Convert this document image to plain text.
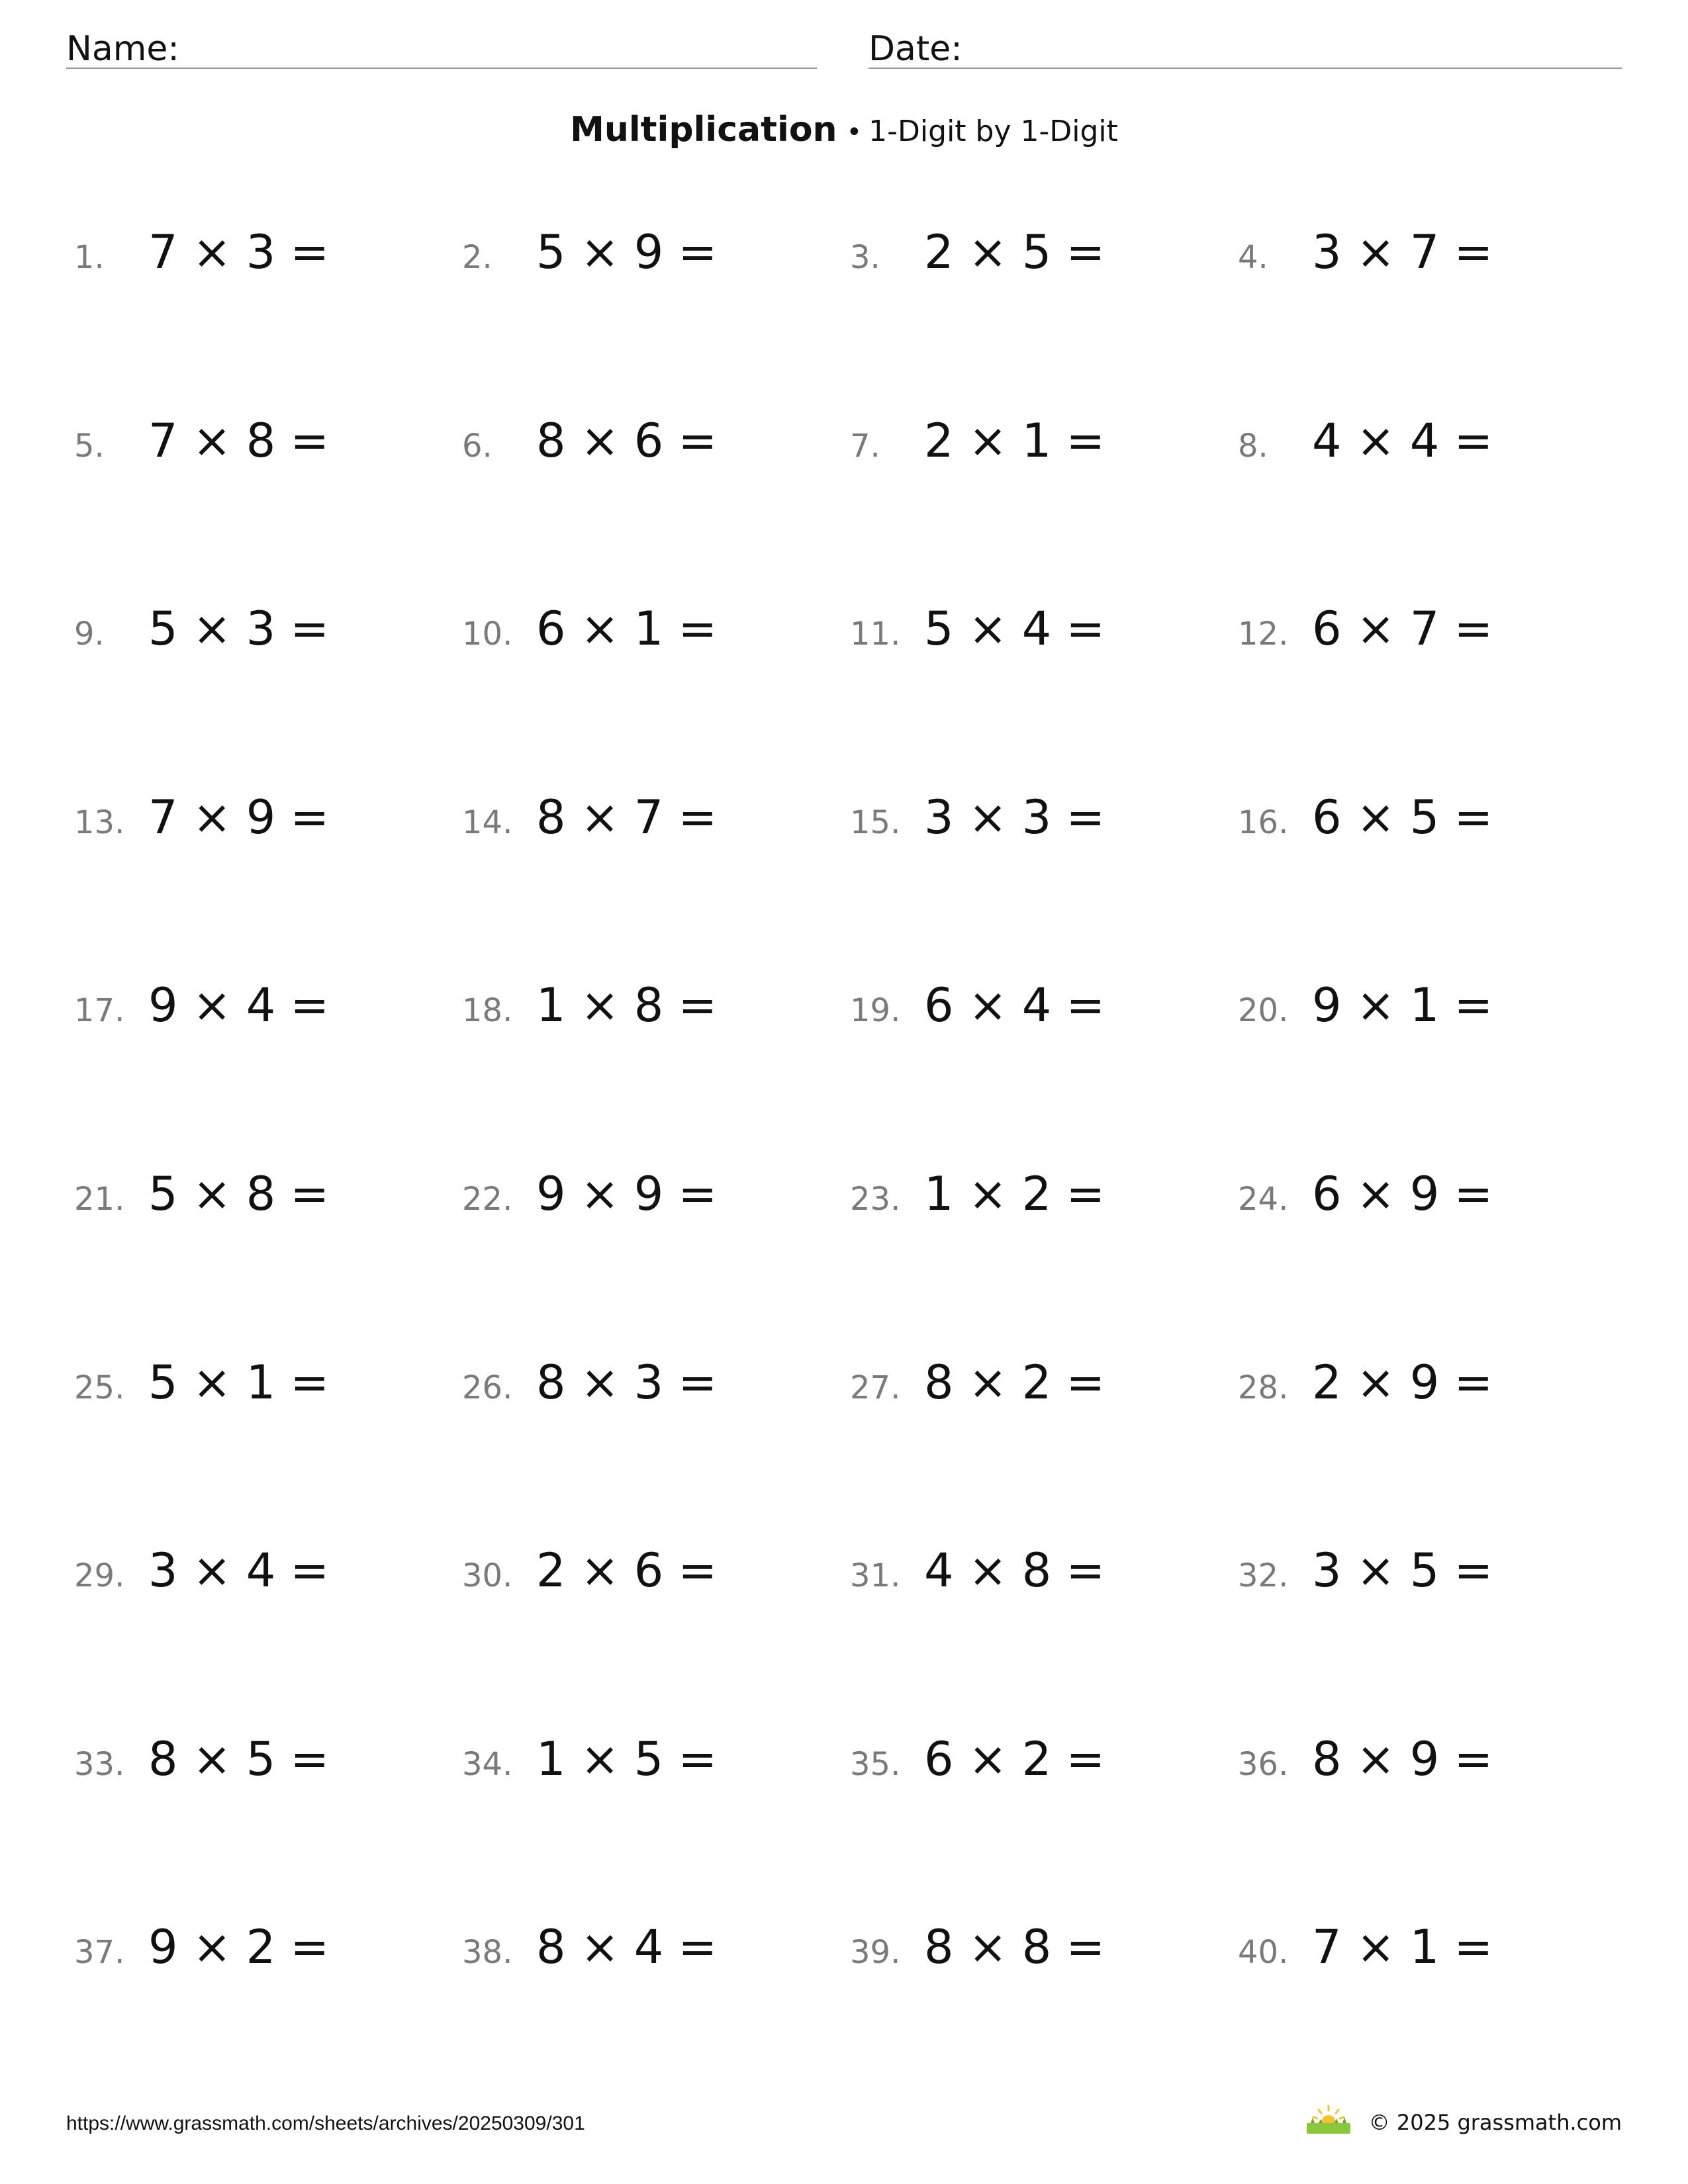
Name:	Date:
Multiplication • 1-Digit by 1-Digit
1. 7 × 3 =	2. 5 × 9 =	3. 2 × 5 =	4. 3 × 7 =
5. 7 × 8 =	6. 8 × 6 =	7. 2 × 1 =	8. 4 × 4 =
9. 5 × 3 =	10. 6 × 1 =	11. 5 × 4 =	12. 6 × 7 =
13. 7 × 9 =	14. 8 × 7 =	15. 3 × 3 =	16. 6 × 5 =
17. 9 × 4 =	18. 1 × 8 =	19. 6 × 4 =	20. 9 × 1 =
21. 5 × 8 =	22. 9 × 9 =	23. 1 × 2 =	24. 6 × 9 =
25. 5 × 1 =	26. 8 × 3 =	27. 8 × 2 =	28. 2 × 9 =
29. 3 × 4 =	30. 2 × 6 =	31. 4 × 8 =	32. 3 × 5 =
33. 8 × 5 =	34. 1 × 5 =	35. 6 × 2 =	36. 8 × 9 =
37. 9 × 2 =	38. 8 × 4 =	39. 8 × 8 =	40. 7 × 1 =
https://www.grassmath.com/sheets/archives/20250309/301	© 2025 grassmath.com
